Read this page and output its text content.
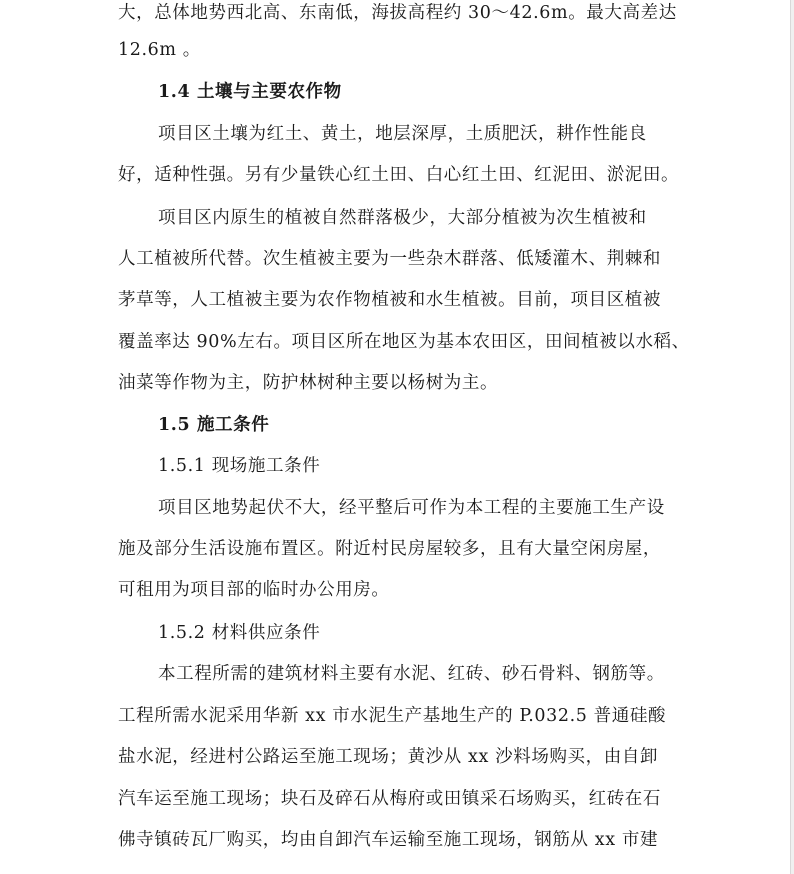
大，总体地势西北高、东南低，海拔高程约 30～42.6m。最大高差达
12.6m 。
1.4 土壤与主要农作物
项目区土壤为红土、黄土，地层深厚，土质肥沃，耕作性能良
好，适种性强。另有少量铁心红土田、白心红土田、红泥田、淤泥田。
项目区内原生的植被自然群落极少，大部分植被为次生植被和
人工植被所代替。次生植被主要为一些杂木群落、低矮灌木、荆棘和
茅草等，人工植被主要为农作物植被和水生植被。目前，项目区植被
覆盖率达 90%左右。项目区所在地区为基本农田区，田间植被以水稻、
油菜等作物为主，防护林树种主要以杨树为主。
1.5 施工条件
1.5.1 现场施工条件
项目区地势起伏不大，经平整后可作为本工程的主要施工生产设
施及部分生活设施布置区。附近村民房屋较多，且有大量空闲房屋，
可租用为项目部的临时办公用房。
1.5.2 材料供应条件
本工程所需的建筑材料主要有水泥、红砖、砂石骨料、钢筋等。
工程所需水泥采用华新 xx 市水泥生产基地生产的 P.032.5 普通硅酸
盐水泥，经进村公路运至施工现场；黄沙从 xx 沙料场购买，由自卸
汽车运至施工现场；块石及碎石从梅府或田镇采石场购买，红砖在石
佛寺镇砖瓦厂购买，均由自卸汽车运输至施工现场，钢筋从 xx 市建
